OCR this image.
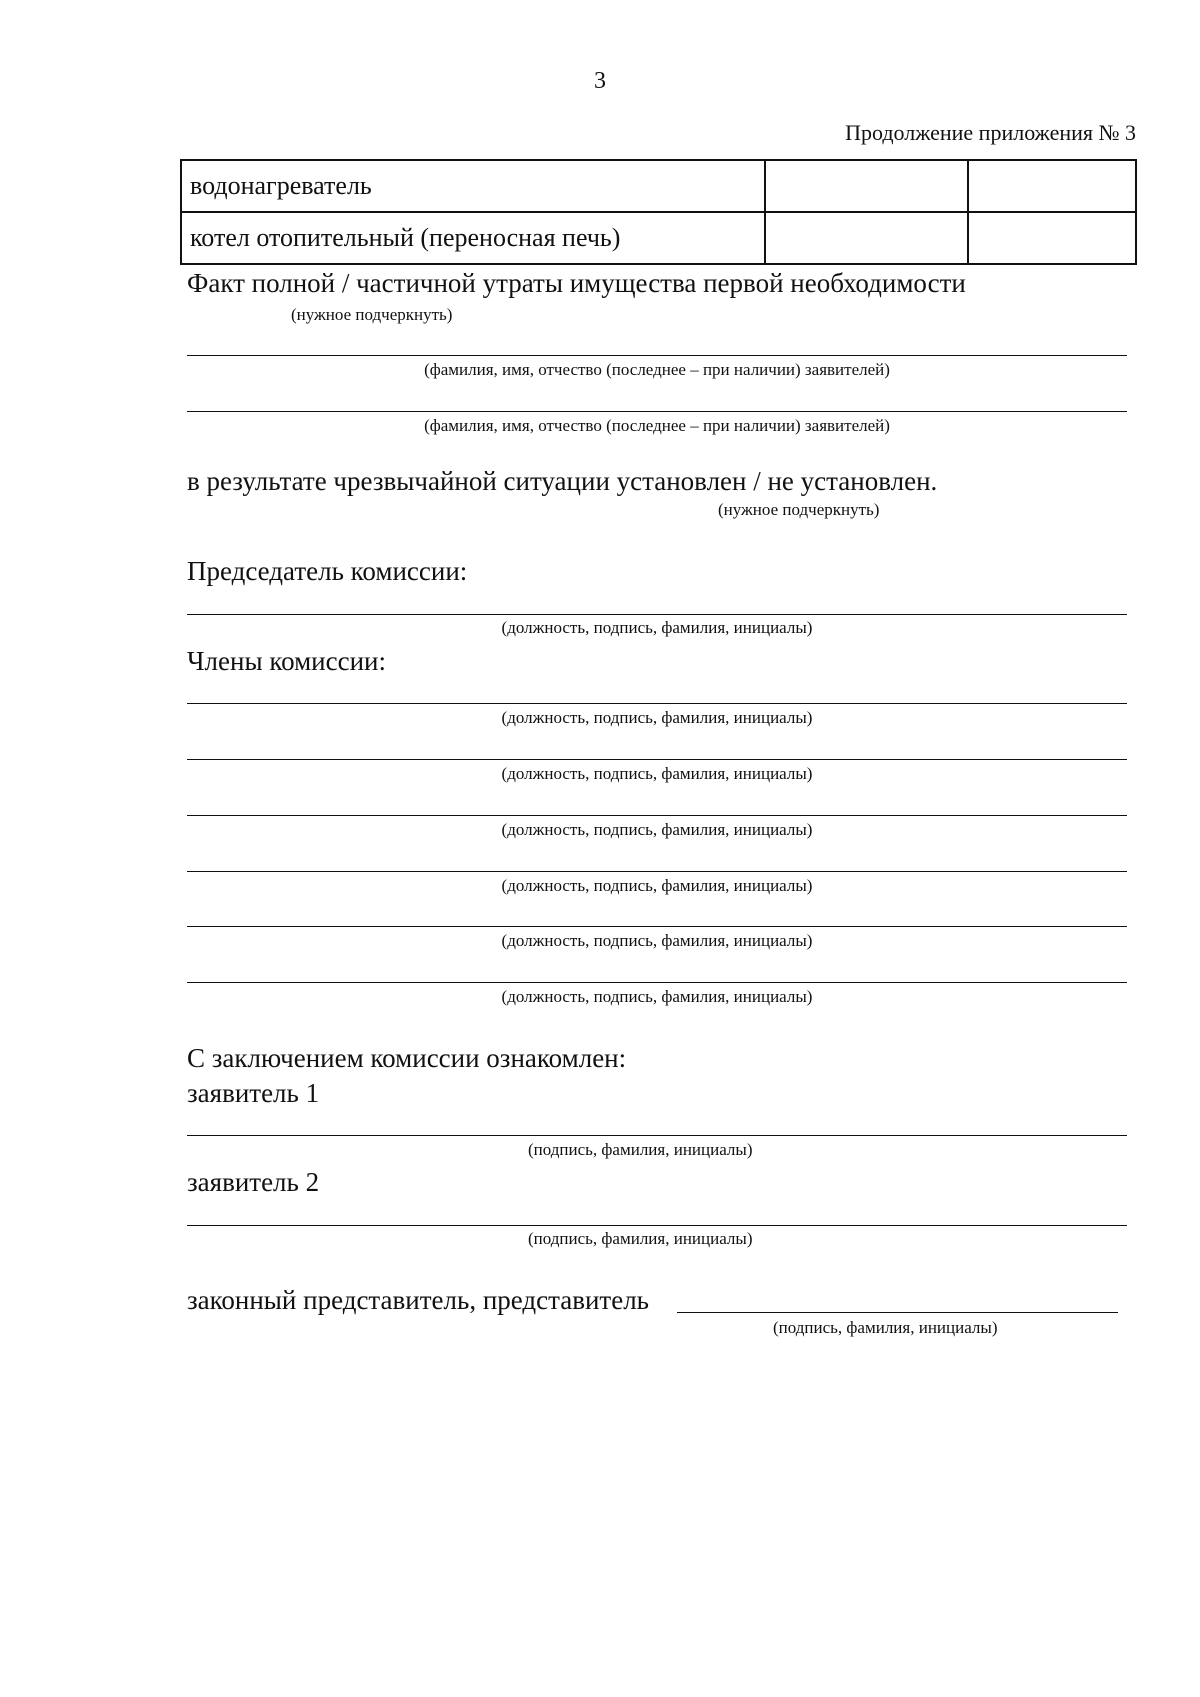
3
Продолжение приложения № 3
водонагреватель		
котел отопительный (переносная печь)		
Факт полной / частичной утраты имущества первой необходимости
(нужное подчеркнуть)
(фамилия, имя, отчество (последнее – при наличии) заявителей)
(фамилия, имя, отчество (последнее – при наличии) заявителей)
в результате чрезвычайной ситуации установлен / не установлен.
(нужное подчеркнуть)
Председатель комиссии:
(должность, подпись, фамилия, инициалы)
Члены комиссии:
(должность, подпись, фамилия, инициалы)
(должность, подпись, фамилия, инициалы)
(должность, подпись, фамилия, инициалы)
(должность, подпись, фамилия, инициалы)
(должность, подпись, фамилия, инициалы)
(должность, подпись, фамилия, инициалы)
С заключением комиссии ознакомлен:
заявитель 1
(подпись, фамилия, инициалы)
заявитель 2
(подпись, фамилия, инициалы)
законный представитель, представитель
(подпись, фамилия, инициалы)
